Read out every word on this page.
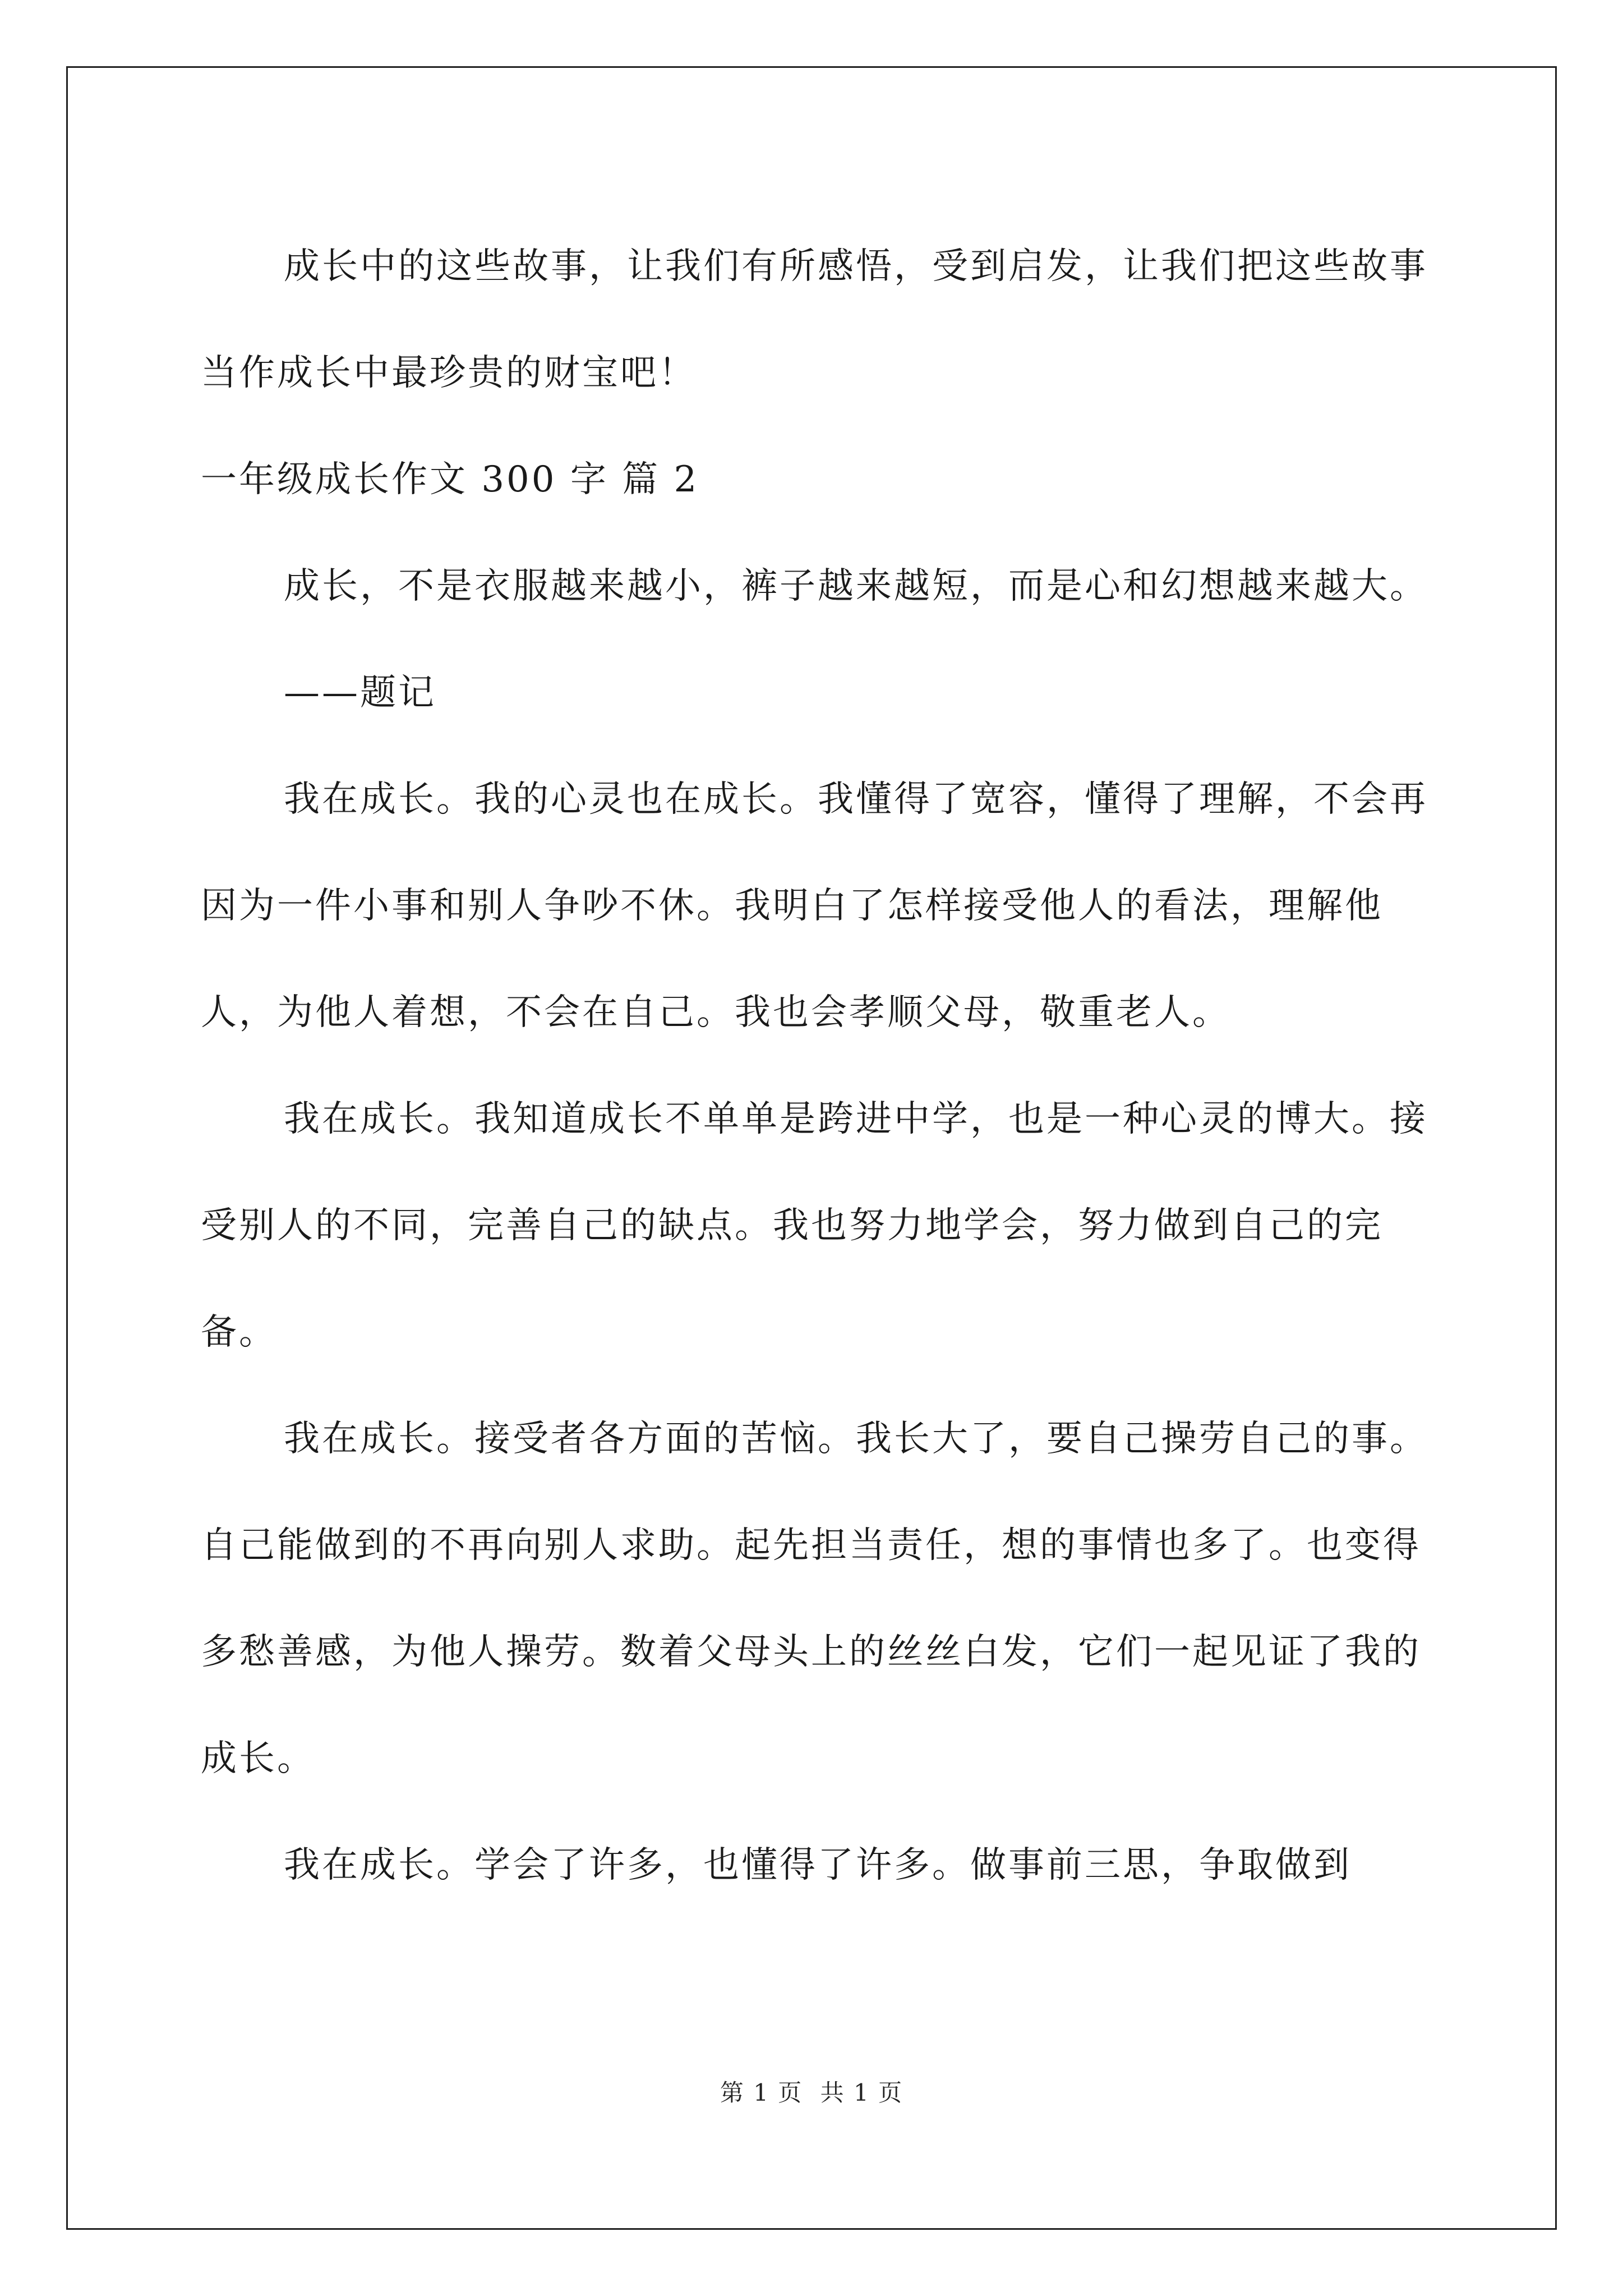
成长中的这些故事，让我们有所感悟，受到启发，让我们把这些故事当作成长中最珍贵的财宝吧！

一年级成长作文 300 字 篇 2

成长，不是衣服越来越小，裤子越来越短，而是心和幻想越来越大。

——题记

我在成长。我的心灵也在成长。我懂得了宽容，懂得了理解，不会再因为一件小事和别人争吵不休。我明白了怎样接受他人的看法，理解他人，为他人着想，不会在自己。我也会孝顺父母，敬重老人。

我在成长。我知道成长不单单是跨进中学，也是一种心灵的博大。接受别人的不同，完善自己的缺点。我也努力地学会，努力做到自己的完备。

我在成长。接受者各方面的苦恼。我长大了，要自己操劳自己的事。自己能做到的不再向别人求助。起先担当责任，想的事情也多了。也变得多愁善感，为他人操劳。数着父母头上的丝丝白发，它们一起见证了我的成长。

我在成长。学会了许多，也懂得了许多。做事前三思，争取做到

第 1 页 共 1 页
